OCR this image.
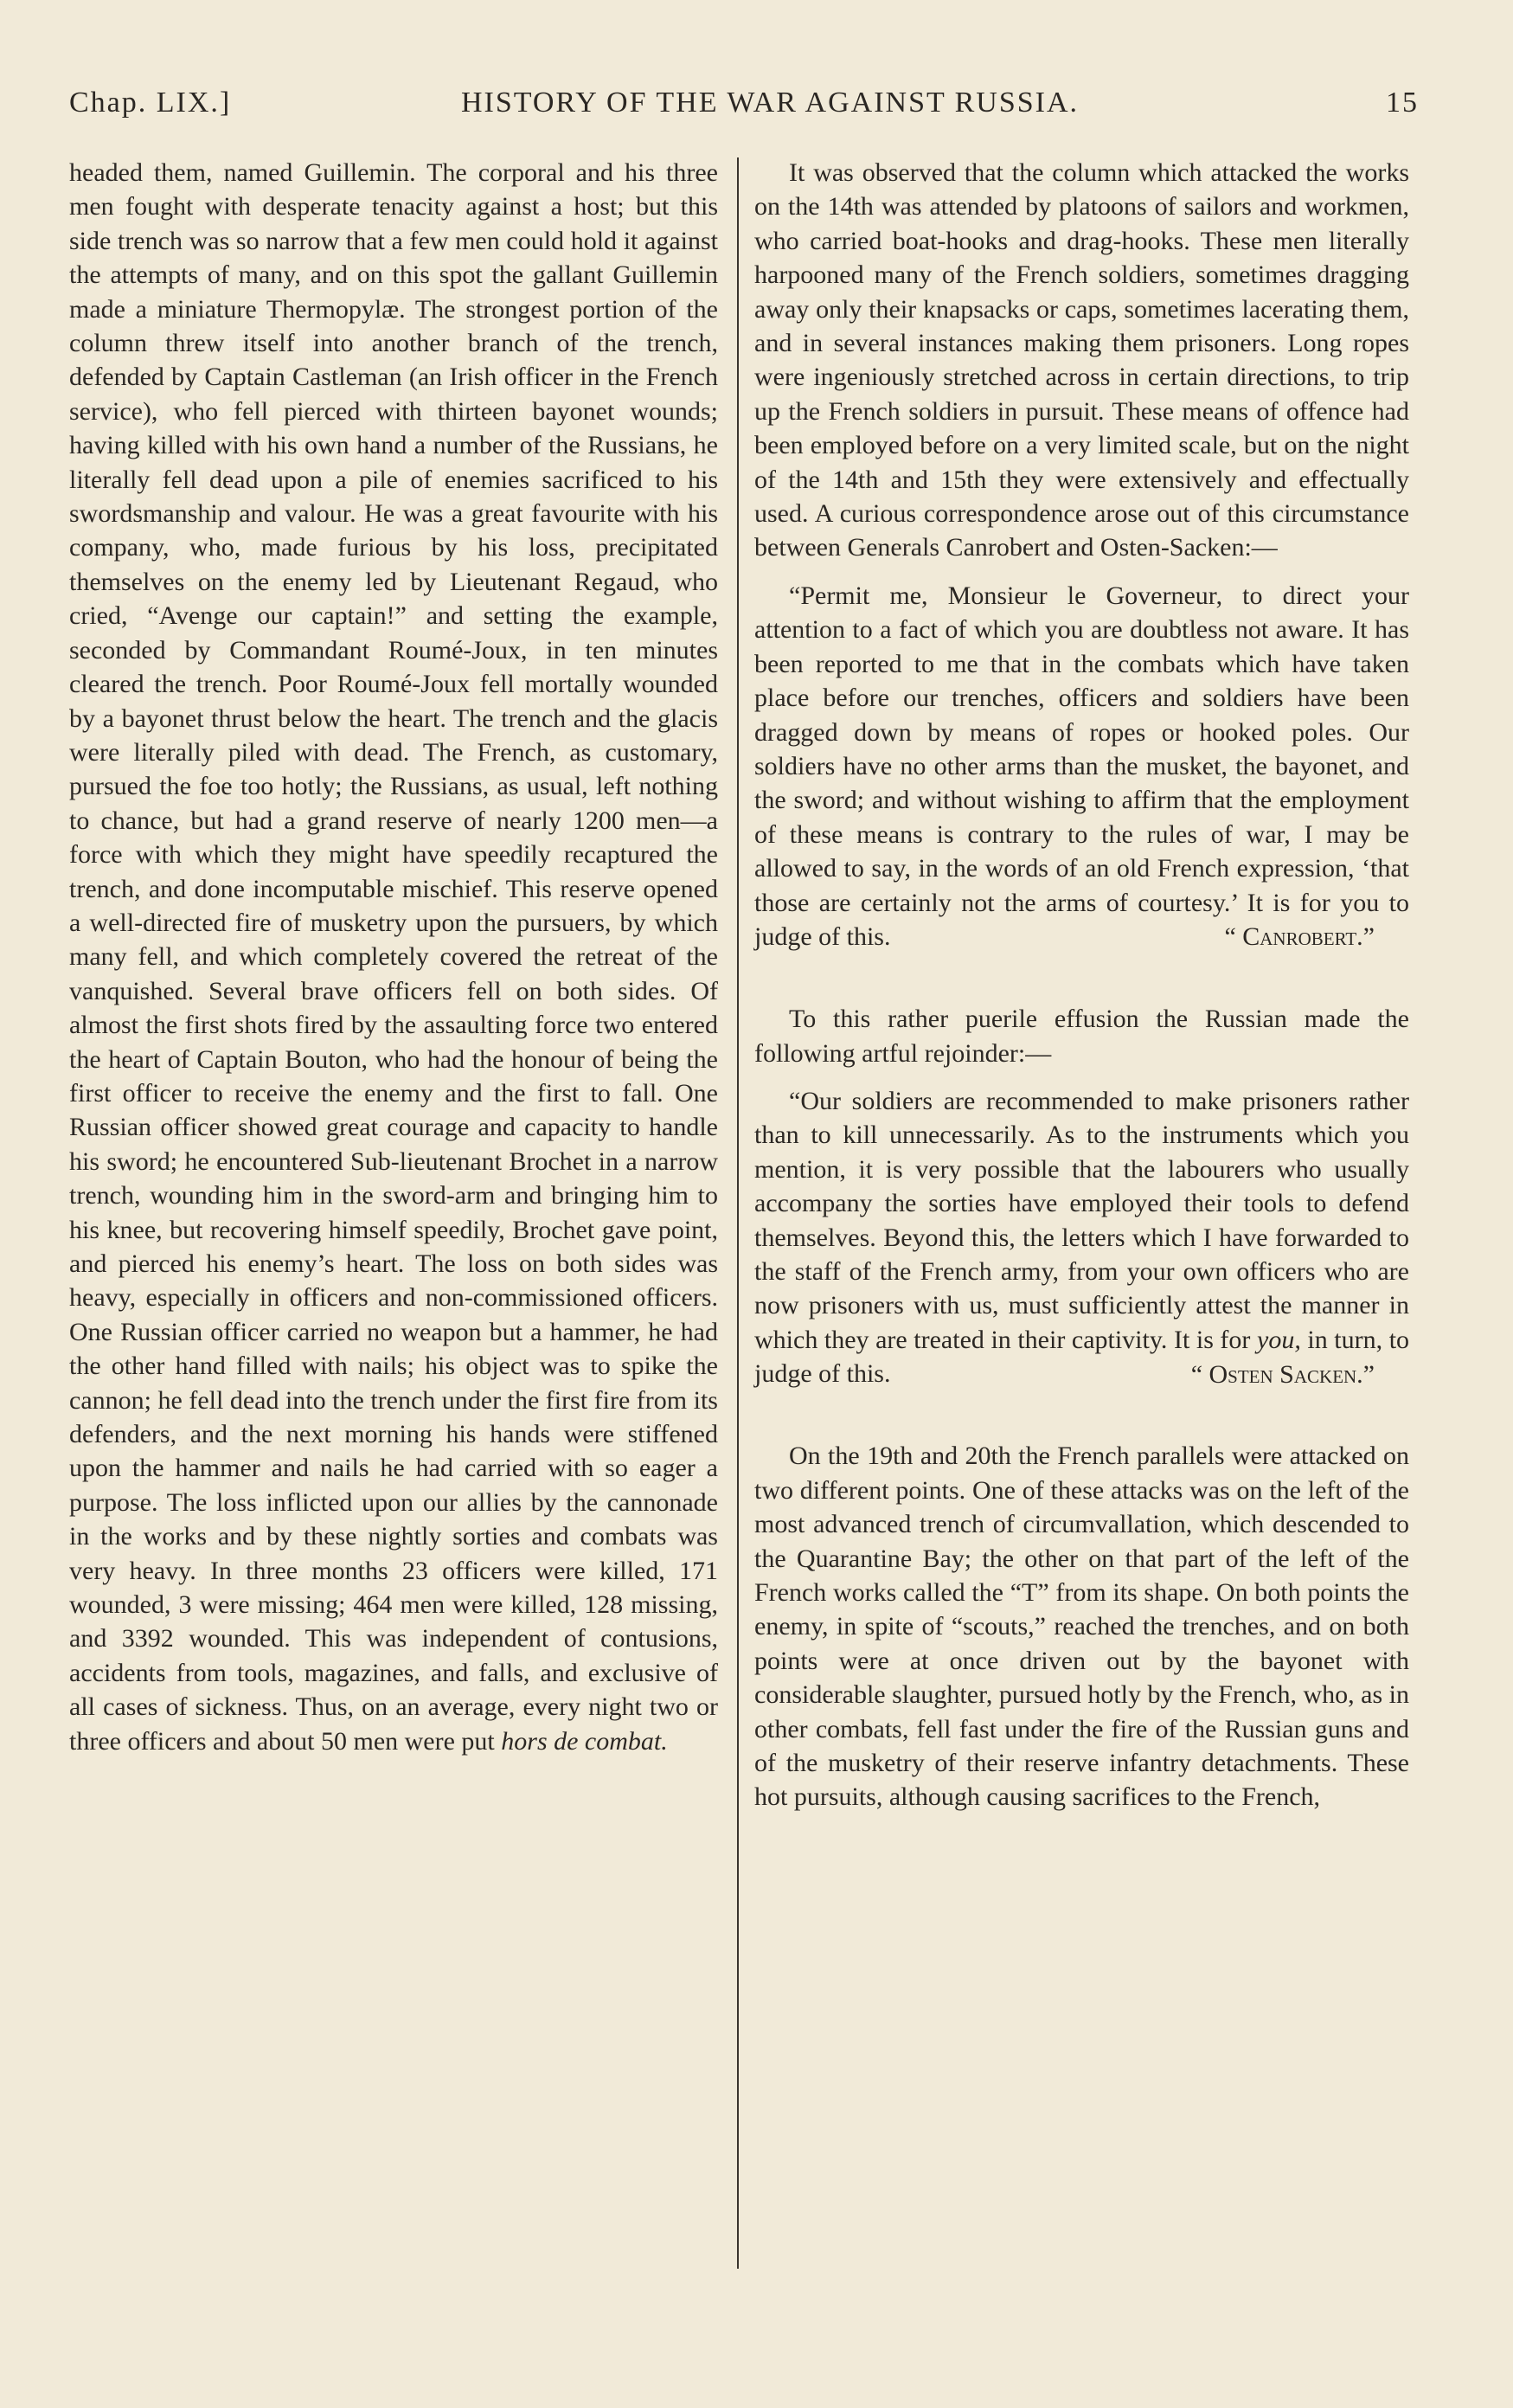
Chap. LIX.]	HISTORY OF THE WAR AGAINST RUSSIA.	15

headed them, named Guillemin. The corporal and his three men fought with desperate tenacity against a host; but this side trench was so narrow that a few men could hold it against the attempts of many, and on this spot the gallant Guillemin made a miniature Thermopylæ. The strongest portion of the column threw itself into another branch of the trench, defended by Captain Castleman (an Irish officer in the French service), who fell pierced with thirteen bayonet wounds; having killed with his own hand a number of the Russians, he literally fell dead upon a pile of enemies sacrificed to his swordsmanship and valour. He was a great favourite with his company, who, made furious by his loss, precipitated themselves on the enemy led by Lieutenant Regaud, who cried, “Avenge our captain!” and setting the example, seconded by Commandant Roumé-Joux, in ten minutes cleared the trench. Poor Roumé-Joux fell mortally wounded by a bayonet thrust below the heart. The trench and the glacis were literally piled with dead. The French, as customary, pursued the foe too hotly; the Russians, as usual, left nothing to chance, but had a grand reserve of nearly 1200 men—a force with which they might have speedily recaptured the trench, and done incomputable mischief. This reserve opened a well-directed fire of musketry upon the pursuers, by which many fell, and which completely covered the retreat of the vanquished. Several brave officers fell on both sides. Of almost the first shots fired by the assaulting force two entered the heart of Captain Bouton, who had the honour of being the first officer to receive the enemy and the first to fall. One Russian officer showed great courage and capacity to handle his sword; he encountered Sub-lieutenant Brochet in a narrow trench, wounding him in the sword-arm and bringing him to his knee, but recovering himself speedily, Brochet gave point, and pierced his enemy’s heart. The loss on both sides was heavy, especially in officers and non-commissioned officers. One Russian officer carried no weapon but a hammer, he had the other hand filled with nails; his object was to spike the cannon; he fell dead into the trench under the first fire from its defenders, and the next morning his hands were stiffened upon the hammer and nails he had carried with so eager a purpose. The loss inflicted upon our allies by the cannonade in the works and by these nightly sorties and combats was very heavy. In three months 23 officers were killed, 171 wounded, 3 were missing; 464 men were killed, 128 missing, and 3392 wounded. This was independent of contusions, accidents from tools, magazines, and falls, and exclusive of all cases of sickness. Thus, on an average, every night two or three officers and about 50 men were put hors de combat.

It was observed that the column which attacked the works on the 14th was attended by platoons of sailors and workmen, who carried boat-hooks and drag-hooks. These men literally harpooned many of the French soldiers, sometimes dragging away only their knapsacks or caps, sometimes lacerating them, and in several instances making them prisoners. Long ropes were ingeniously stretched across in certain directions, to trip up the French soldiers in pursuit. These means of offence had been employed before on a very limited scale, but on the night of the 14th and 15th they were extensively and effectually used. A curious correspondence arose out of this circumstance between Generals Canrobert and Osten-Sacken:—

“Permit me, Monsieur le Governeur, to direct your attention to a fact of which you are doubtless not aware. It has been reported to me that in the combats which have taken place before our trenches, officers and soldiers have been dragged down by means of ropes or hooked poles. Our soldiers have no other arms than the musket, the bayonet, and the sword; and without wishing to affirm that the employment of these means is contrary to the rules of war, I may be allowed to say, in the words of an old French expression, ‘that those are certainly not the arms of courtesy.’ It is for you to judge of this.	“ Canrobert.”

To this rather puerile effusion the Russian made the following artful rejoinder:—

“Our soldiers are recommended to make prisoners rather than to kill unnecessarily. As to the instruments which you mention, it is very possible that the labourers who usually accompany the sorties have employed their tools to defend themselves. Beyond this, the letters which I have forwarded to the staff of the French army, from your own officers who are now prisoners with us, must sufficiently attest the manner in which they are treated in their captivity. It is for you, in turn, to judge of this.	“ Osten Sacken.”

On the 19th and 20th the French parallels were attacked on two different points. One of these attacks was on the left of the most advanced trench of circumvallation, which descended to the Quarantine Bay; the other on that part of the left of the French works called the “T” from its shape. On both points the enemy, in spite of “scouts,” reached the trenches, and on both points were at once driven out by the bayonet with considerable slaughter, pursued hotly by the French, who, as in other combats, fell fast under the fire of the Russian guns and of the musketry of their reserve infantry detachments. These hot pursuits, although causing sacrifices to the French,
